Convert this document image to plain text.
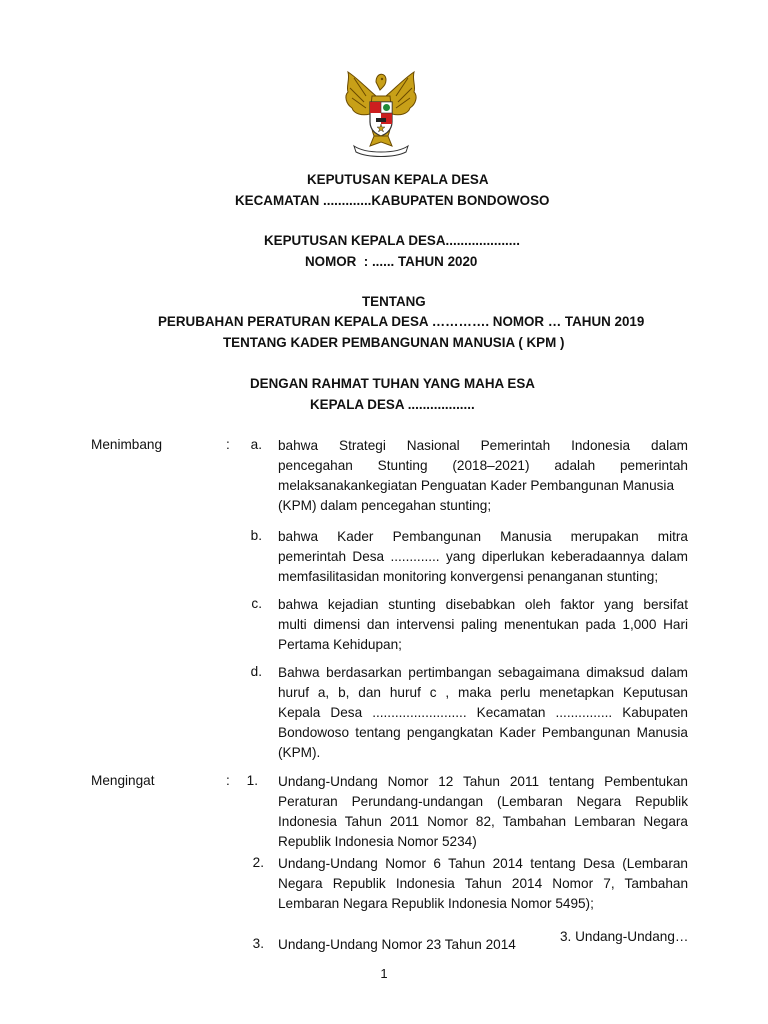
KEPUTUSAN KEPALA DESA
KECAMATAN .............KABUPATEN BONDOWOSO
KEPUTUSAN KEPALA DESA....................
NOMOR  : ...... TAHUN 2020
TENTANG
PERUBAHAN PERATURAN KEPALA DESA …………. NOMOR … TAHUN 2019
TENTANG KADER PEMBANGUNAN MANUSIA ( KPM )
DENGAN RAHMAT TUHAN YANG MAHA ESA
KEPALA DESA ..................
Menimbang	:	a. bahwa Strategi Nasional Pemerintah Indonesia dalam
pencegahan Stunting (2018–2021) adalah pemerintah
melaksanakankegiatan Penguatan Kader Pembangunan Manusia
(KPM) dalam pencegahan stunting;
b. bahwa Kader Pembangunan Manusia merupakan mitra
pemerintah Desa ............. yang diperlukan keberadaannya dalam
memfasilitasidan monitoring konvergensi penanganan stunting;
c. bahwa kejadian stunting disebabkan oleh faktor yang bersifat
multi dimensi dan intervensi paling menentukan pada 1,000 Hari
Pertama Kehidupan;
d. Bahwa berdasarkan pertimbangan sebagaimana dimaksud dalam
huruf a, b, dan huruf c , maka perlu menetapkan Keputusan
Kepala Desa ......................... Kecamatan ............... Kabupaten
Bondowoso tentang pengangkatan Kader Pembangunan Manusia
(KPM).
Mengingat	:	1. Undang-Undang Nomor 12 Tahun 2011 tentang Pembentukan
Peraturan Perundang-undangan (Lembaran Negara Republik
Indonesia Tahun 2011 Nomor 82, Tambahan Lembaran Negara
Republik Indonesia Nomor 5234)
2. Undang-Undang Nomor 6 Tahun 2014 tentang Desa (Lembaran
Negara Republik Indonesia Tahun 2014 Nomor 7, Tambahan
Lembaran Negara Republik Indonesia Nomor 5495);
3. Undang-Undang Nomor 23 Tahun 2014
3. Undang-Undang…
1
